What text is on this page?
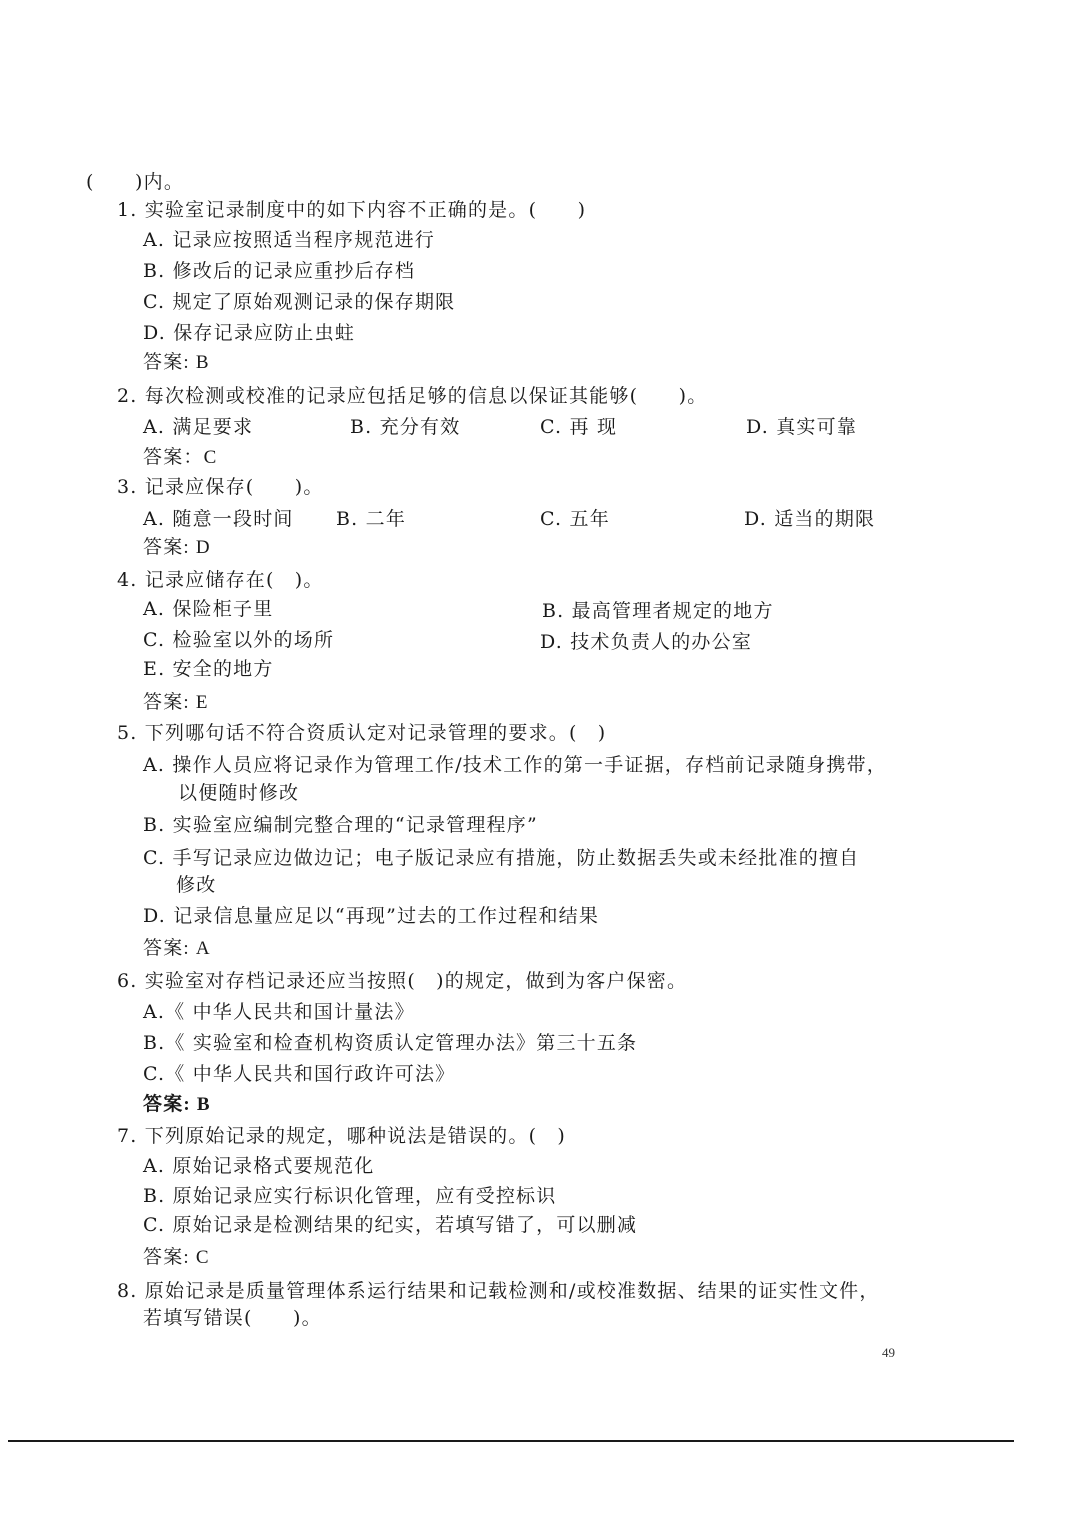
(　　)内。

1. 实验室记录制度中的如下内容不正确的是。(　　)

A. 记录应按照适当程序规范进行

B. 修改后的记录应重抄后存档

C. 规定了原始观测记录的保存期限

D. 保存记录应防止虫蛀

答案: B

2. 每次检测或校准的记录应包括足够的信息以保证其能够(　　)。

A. 满足要求	B. 充分有效	C. 再 现	D. 真实可靠

答案：C

3. 记录应保存(　　)。

A. 随意一段时间 B. 二年	C. 五年	D. 适当的期限

答案: D

4. 记录应储存在(　)。

A. 保险柜子里	B. 最高管理者规定的地方

C. 检验室以外的场所	D. 技术负责人的办公室

E. 安全的地方

答案: E

5. 下列哪句话不符合资质认定对记录管理的要求。(　)

A. 操作人员应将记录作为管理工作/技术工作的第一手证据，存档前记录随身携带，

以便随时修改

B. 实验室应编制完整合理的“记录管理程序”

C. 手写记录应边做边记；电子版记录应有措施，防止数据丢失或未经批准的擅自

修改

D. 记录信息量应足以“再现”过去的工作过程和结果

答案: A

6. 实验室对存档记录还应当按照(　)的规定，做到为客户保密。

A.《 中华人民共和国计量法》

B.《 实验室和检查机构资质认定管理办法》第三十五条

C.《 中华人民共和国行政许可法》

答案: B

7. 下列原始记录的规定，哪种说法是错误的。(　)

A. 原始记录格式要规范化

B. 原始记录应实行标识化管理，应有受控标识

C. 原始记录是检测结果的纪实，若填写错了，可以删减

答案: C

8. 原始记录是质量管理体系运行结果和记载检测和/或校准数据、结果的证实性文件，

若填写错误(　　)。

49
